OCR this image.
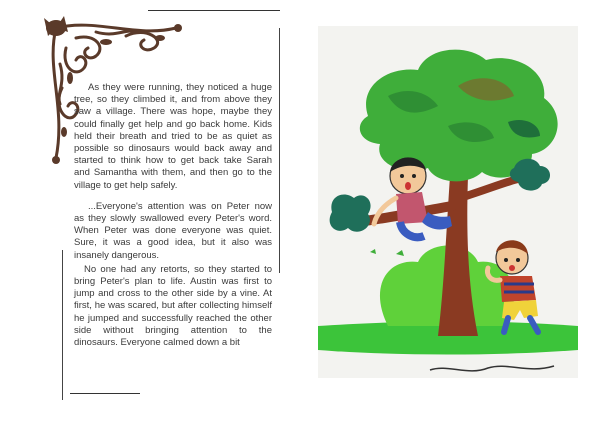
As they were running, they noticed a huge tree, so they climbed it, and from above they saw a village. There was hope, maybe they could finally get help and go back home. Kids held their breath and tried to be as quiet as possible so dinosaurs would back away and started to think how to get back take Sarah and Samantha with them, and then go to the village to get help safely.

...Everyone's attention was on Peter now as they slowly swallowed every Peter's word. When Peter was done everyone was quiet. Sure, it was a good idea, but it also was insanely dangerous.

No one had any retorts, so they started to bring Peter's plan to life. Austin was first to jump and cross to the other side by a vine. At first, he was scared, but after collecting himself he jumped and successfully reached the other side without bringing attention to the dinosaurs. Everyone calmed down a bit
